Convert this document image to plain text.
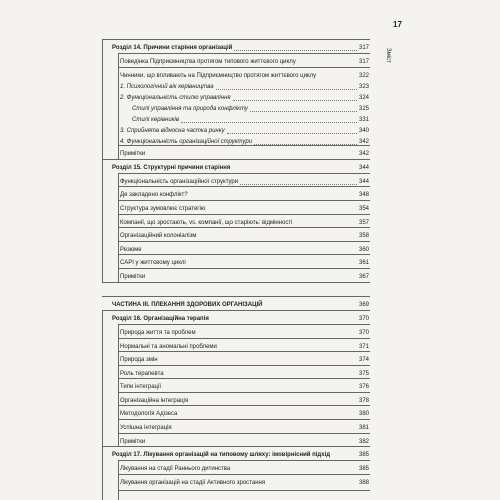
17
Зміст
Розділ 14. Причини старіння організацій	317
Поведінка Підприємництва протягом типового життєвого циклу	317
Чинники, що впливають на Підприємництво протягом життєвого циклу	322
1. Психологічний вік керівництва	323
2. Функціональність стилю управління	324
Стилі управління та природа конфлікту	325
Стилі керівників	331
3. Сприйнята відносна частка ринку	340
4. Функціональність організаційної структури	342
Примітки	342
Розділ 15. Структурні причини старіння	344
Функціональність організаційної структури	344
Де закладено конфлікт?	348
Структура зумовлює стратегію	354
Компанії, що зростають, vs. компанії, що старіють: відмінності	357
Організаційний колоніалізм	358
Резюме	360
САРІ у життєвому циклі	361
Примітки	367
ЧАСТИНА III. ПЛЕКАННЯ ЗДОРОВИХ ОРГАНІЗАЦІЙ	369
Розділ 16. Організаційна терапія	370
Природа життя та проблем	370
Нормальні та аномальні проблеми	371
Природа змін	374
Роль терапевта	375
Типи інтеграції	376
Організаційна інтеграція	378
Методологія Адізеса	380
Успішна інтеграція	381
Примітки	382
Розділ 17. Лікування організацій на типовому шляху: імовірнісний підхід	385
Лікування на стадії Раннього дитинства	385
Лікування організацій на стадії Активного зростання	388
